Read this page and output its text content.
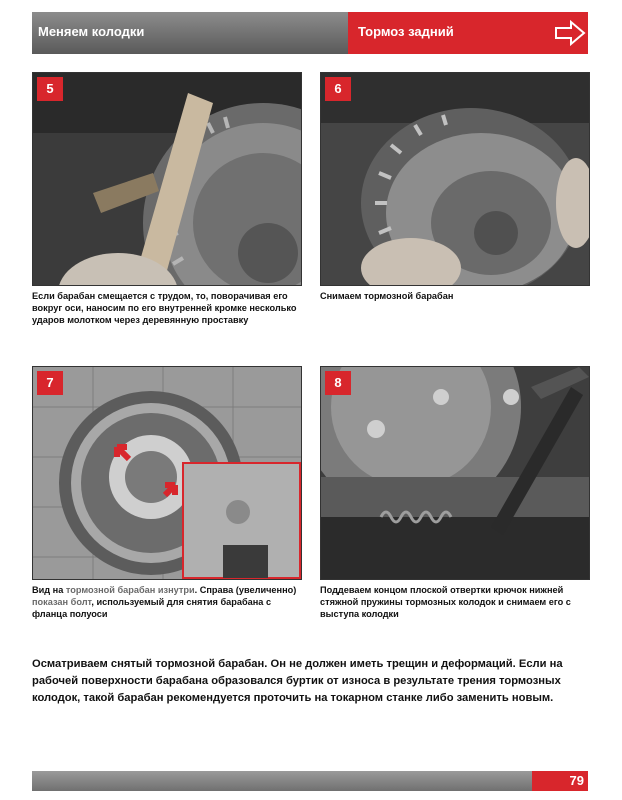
Меняем колодки	Тормоз задний
5
Если барабан смещается с трудом, то, поворачивая его вокруг оси, наносим по его внутренней кромке несколько ударов молотком через деревянную проставку
6
Снимаем тормозной барабан
7
Вид на тормозной барабан изнутри. Справа (увеличенно) показан болт, используемый для снятия барабана с фланца полуоси
8
Поддеваем концом плоской отвертки крючок нижней стяжной пружины тормозных колодок и снимаем его с выступа колодки
Осматриваем снятый тормозной барабан. Он не должен иметь трещин и деформаций. Если на рабочей поверхности барабана образовался буртик от износа в результате трения тормозных колодок, такой барабан рекомендуется проточить на токарном станке либо заменить новым.
79
